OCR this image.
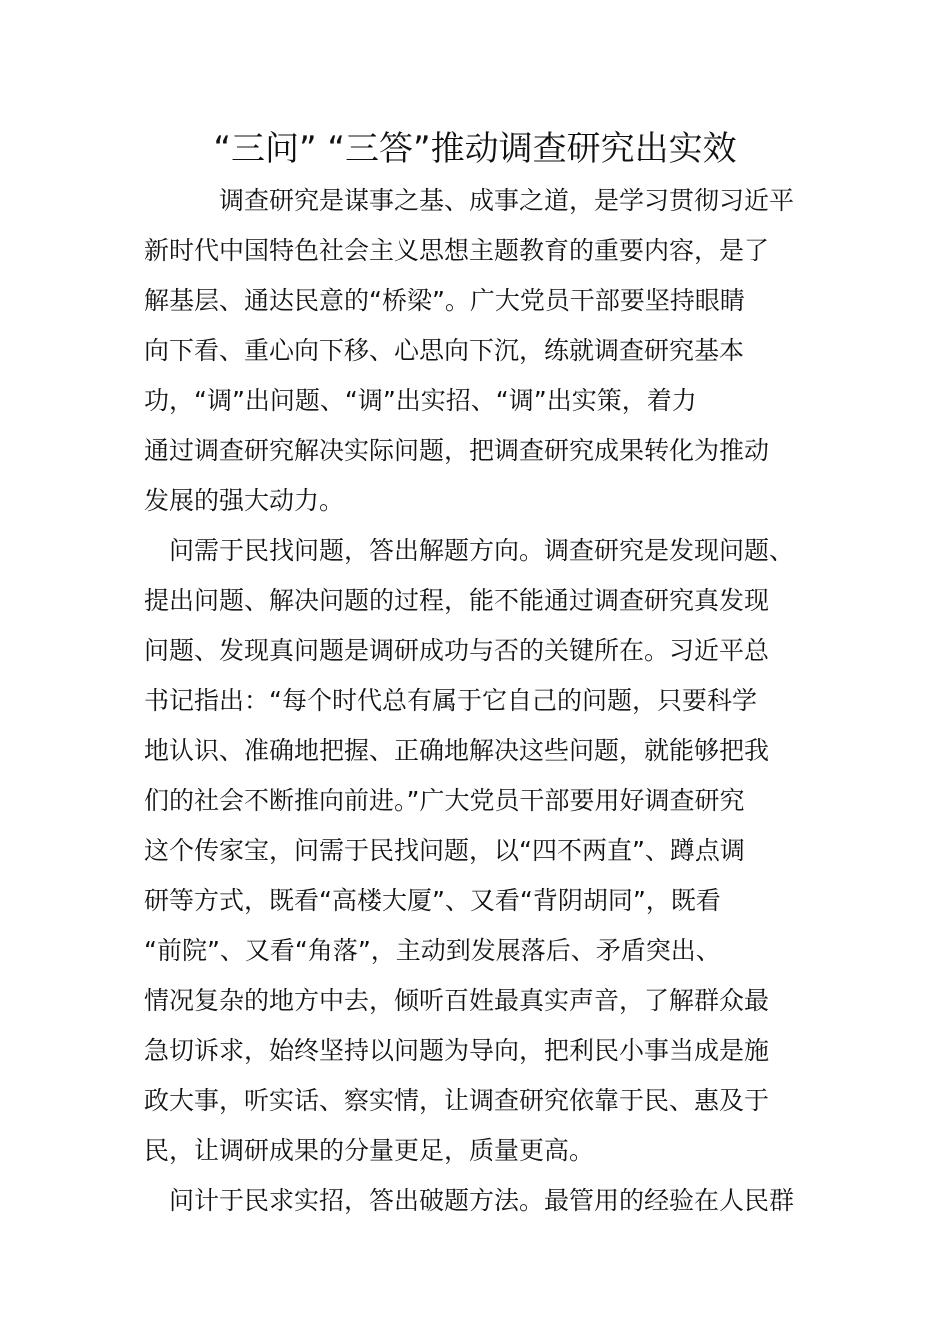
“三问” “三答”推动调查研究出实效
调查研究是谋事之基、成事之道，是学习贯彻习近平
新时代中国特色社会主义思想主题教育的重要内容，是了
解基层、通达民意的“桥梁”。广大党员干部要坚持眼睛
向下看、重心向下移、心思向下沉，练就调查研究基本
功，“调”出问题、“调”出实招、“调”出实策，着力
通过调查研究解决实际问题，把调查研究成果转化为推动
发展的强大动力。
问需于民找问题，答出解题方向。调查研究是发现问题、
提出问题、解决问题的过程，能不能通过调查研究真发现
问题、发现真问题是调研成功与否的关键所在。习近平总
书记指出：“每个时代总有属于它自己的问题，只要科学
地认识、准确地把握、正确地解决这些问题，就能够把我
们的社会不断推向前进。”广大党员干部要用好调查研究
这个传家宝，问需于民找问题，以“四不两直”、蹲点调
研等方式，既看“高楼大厦”、又看“背阴胡同”，既看
“前院”、又看“角落”，主动到发展落后、矛盾突出、
情况复杂的地方中去，倾听百姓最真实声音，了解群众最
急切诉求，始终坚持以问题为导向，把利民小事当成是施
政大事，听实话、察实情，让调查研究依靠于民、惠及于
民，让调研成果的分量更足，质量更高。
问计于民求实招，答出破题方法。最管用的经验在人民群
